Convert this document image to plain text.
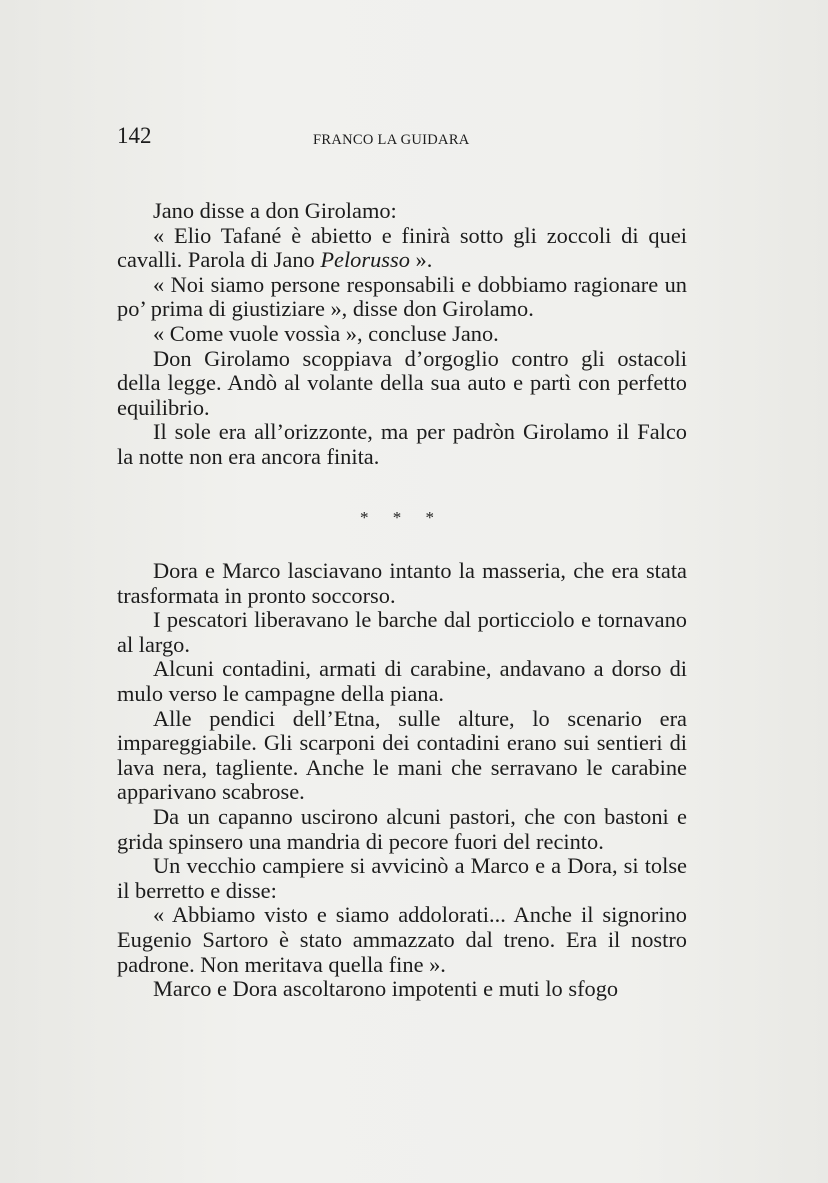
142	FRANCO LA GUIDARA

Jano disse a don Girolamo:

« Elio Tafané è abietto e finirà sotto gli zoccoli di quei cavalli. Parola di Jano Pelorusso ».

« Noi siamo persone responsabili e dobbiamo ragionare un po’ prima di giustiziare », disse don Girolamo.

« Come vuole vossìa », concluse Jano.

Don Girolamo scoppiava d’orgoglio contro gli ostacoli della legge. Andò al volante della sua auto e partì con perfetto equilibrio.

Il sole era all’orizzonte, ma per padròn Girolamo il Falco la notte non era ancora finita.

* * *

Dora e Marco lasciavano intanto la masseria, che era stata trasformata in pronto soccorso.

I pescatori liberavano le barche dal porticciolo e tornavano al largo.

Alcuni contadini, armati di carabine, andavano a dorso di mulo verso le campagne della piana.

Alle pendici dell’Etna, sulle alture, lo scenario era impareggiabile. Gli scarponi dei contadini erano sui sentieri di lava nera, tagliente. Anche le mani che serravano le carabine apparivano scabrose.

Da un capanno uscirono alcuni pastori, che con bastoni e grida spinsero una mandria di pecore fuori del recinto.

Un vecchio campiere si avvicinò a Marco e a Dora, si tolse il berretto e disse:

« Abbiamo visto e siamo addolorati... Anche il signorino Eugenio Sartoro è stato ammazzato dal treno. Era il nostro padrone. Non meritava quella fine ».

Marco e Dora ascoltarono impotenti e muti lo sfogo
